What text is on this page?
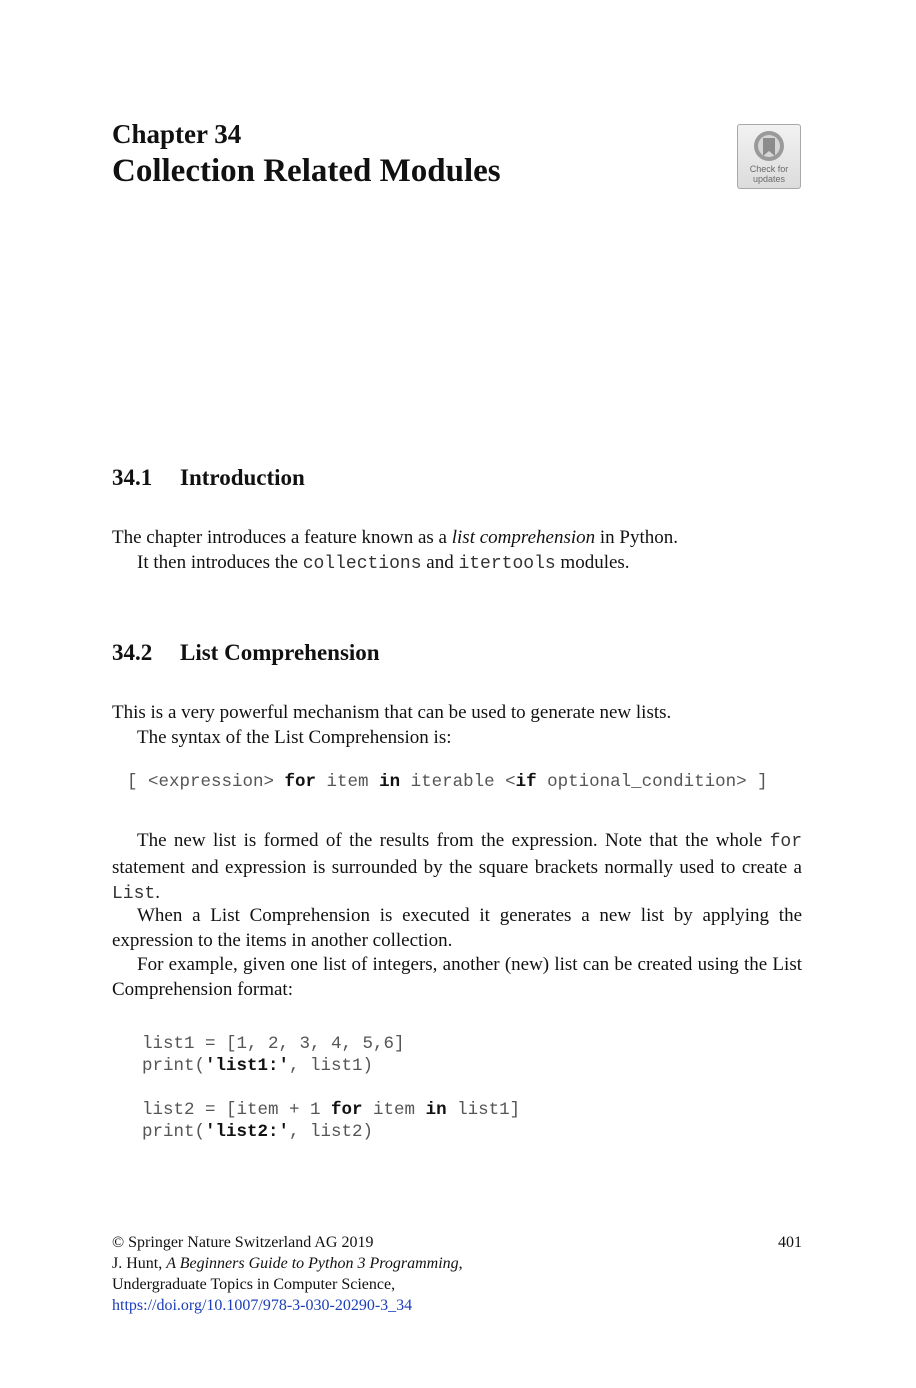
Chapter 34
Collection Related Modules	Check for
updates
34.1 Introduction

The chapter introduces a feature known as a list comprehension in Python.

It then introduces the collections and itertools modules.

34.2 List Comprehension

This is a very powerful mechanism that can be used to generate new lists.

The syntax of the List Comprehension is:

[ <expression> for item in iterable <if optional_condition> ]

The new list is formed of the results from the expression. Note that the whole for statement and expression is surrounded by the square brackets normally used to create a List.

When a List Comprehension is executed it generates a new list by applying the expression to the items in another collection.

For example, given one list of integers, another (new) list can be created using the List Comprehension format:

list1 = [1, 2, 3, 4, 5,6]
print('list1:', list1)

list2 = [item + 1 for item in list1]
print('list2:', list2)
© Springer Nature Switzerland AG 2019
J. Hunt, A Beginners Guide to Python 3 Programming,
Undergraduate Topics in Computer Science,
https://doi.org/10.1007/978-3-030-20290-3_34
401
